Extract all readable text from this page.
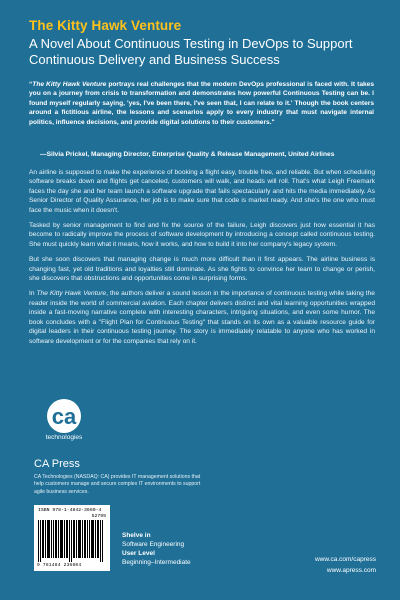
The Kitty Hawk Venture
A Novel About Continuous Testing in DevOps to Support Continuous Delivery and Business Success
“The Kitty Hawk Venture portrays real challenges that the modern DevOps professional is faced with. It takes you on a journey from crisis to transformation and demonstrates how powerful Continuous Testing can be. I found myself regularly saying, 'yes, I've been there, I've seen that, I can relate to it.' Though the book centers around a fictitious airline, the lessons and scenarios apply to every industry that must navigate internal politics, influence decisions, and provide digital solutions to their customers."
—Silvia Prickel, Managing Director, Enterprise Quality & Release Management, United Airlines

An airline is supposed to make the experience of booking a flight easy, trouble free, and reliable. But when scheduling software breaks down and flights get canceled, customers will walk, and heads will roll. That's what Leigh Freemark faces the day she and her team launch a software upgrade that fails spectacularly and hits the media immediately. As Senior Director of Quality Assurance, her job is to make sure that code is market ready. And she's the one who must face the music when it doesn't.

Tasked by senior management to find and fix the source of the failure, Leigh discovers just how essential it has become to radically improve the process of software development by introducing a concept called continuous testing. She must quickly learn what it means, how it works, and how to build it into her company's legacy system.

But she soon discovers that managing change is much more difficult than it first appears. The airline business is changing fast, yet old traditions and loyalties still dominate. As she fights to convince her team to change or perish, she discovers that obstructions and opportunities come in surprising forms.

In The Kitty Hawk Venture, the authors deliver a sound lesson in the importance of continuous testing while taking the reader inside the world of commercial aviation. Each chapter delivers distinct and vital learning opportunities wrapped inside a fast-moving narrative complete with interesting characters, intriguing situations, and even some humor. The book concludes with a "Flight Plan for Continuous Testing" that stands on its own as a valuable resource guide for digital leaders in their continuous testing journey. The story is immediately relatable to anyone who has worked in software development or for the companies that rely on it.

ca
technologies
CA Press
CA Technologies (NASDAQ: CA) provides IT management solutions that help customers manage and secure complex IT environments to support agile business services.
ISBN 978-1-4842-3660-4
52799
9 781484 236604
Shelve in
Software Engineering
User Level
Beginning–Intermediate	www.ca.com/capress
www.apress.com
